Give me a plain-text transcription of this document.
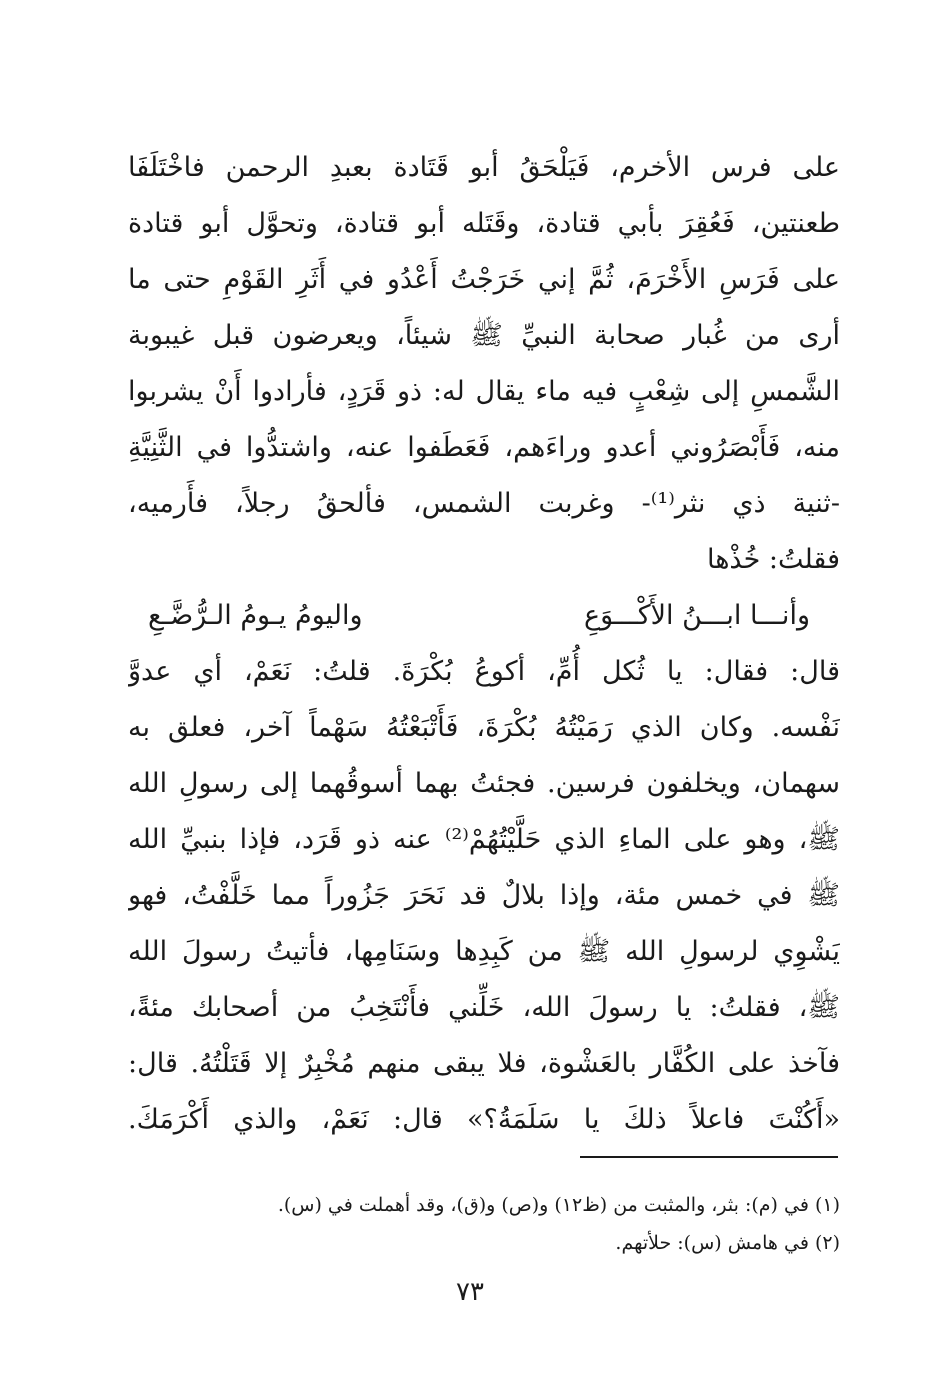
على فرس الأخرم، فَيَلْحَقُ أبو قَتَادة بعبدِ الرحمن فاخْتَلَفَا
طعنتين، فَعُقِرَ بأبي قتادة، وقَتَله أبو قتادة، وتحوَّل أبو قتادة
على فَرَسِ الأَخْرَمَ، ثُمَّ إني خَرَجْتُ أَعْدُو في أَثَرِ القَوْمِ حتى ما
أرى من غُبار صحابة النبيِّ ﷺ شيئاً، ويعرضون قبل غيبوبة
الشَّمسِ إلى شِعْبٍ فيه ماء يقال له: ذو قَرَدٍ، فأرادوا أَنْ يشربوا
منه، فَأَبْصَرُوني أعدو وراءَهم، فَعَطَفوا عنه، واشتدُّوا في الثَّنِيَّةِ
-ثنية ذي نثر⁽¹⁾- وغربت الشمس، فألحقُ رجلاً، فأَرميه،
فقلتُ: خُذْها
وأنـــا ابـــنُ الأَكْـــوَعِ
واليومُ يـومُ الـرُّضَّـعِ
قال: فقال: يا ثُكل أُمِّ، أكوعُ بُكْرَةَ. قلتُ: نَعَمْ، أي عدوَّ
نَفْسه. وكان الذي رَمَيْتُهُ بُكْرَةَ، فَأَتْبَعْتُهُ سَهْماً آخر، فعلق به
سهمان، ويخلفون فرسين. فجئتُ بهما أسوقُهما إلى رسولِ الله
ﷺ، وهو على الماءِ الذي حَلَّيْتُهُمْ⁽²⁾ عنه ذو قَرَد، فإذا بنبيِّ الله
ﷺ في خمس مئة، وإذا بلالٌ قد نَحَرَ جَزُوراً مما خَلَّفْتُ، فهو
يَشْوِي لرسولِ الله ﷺ من كَبِدِها وسَنَامِها، فأتيتُ رسولَ الله
ﷺ، فقلتُ: يا رسولَ الله، خَلِّني فأَنْتَخِبُ من أصحابك مئةً،
فآخذ على الكُفَّار بالعَشْوة، فلا يبقى منهم مُخْبِرٌ إلا قَتَلْتُهُ. قال:
«أَكُنْتَ فاعلاً ذلكَ يا سَلَمَةُ؟» قال: نَعَمْ، والذي أَكْرَمَكَ.
(١) في (م): بثر، والمثبت من (ظ١٢) و(ص) و(ق)، وقد أهملت في (س).
(٢) في هامش (س): حلأتهم.
٧٣
